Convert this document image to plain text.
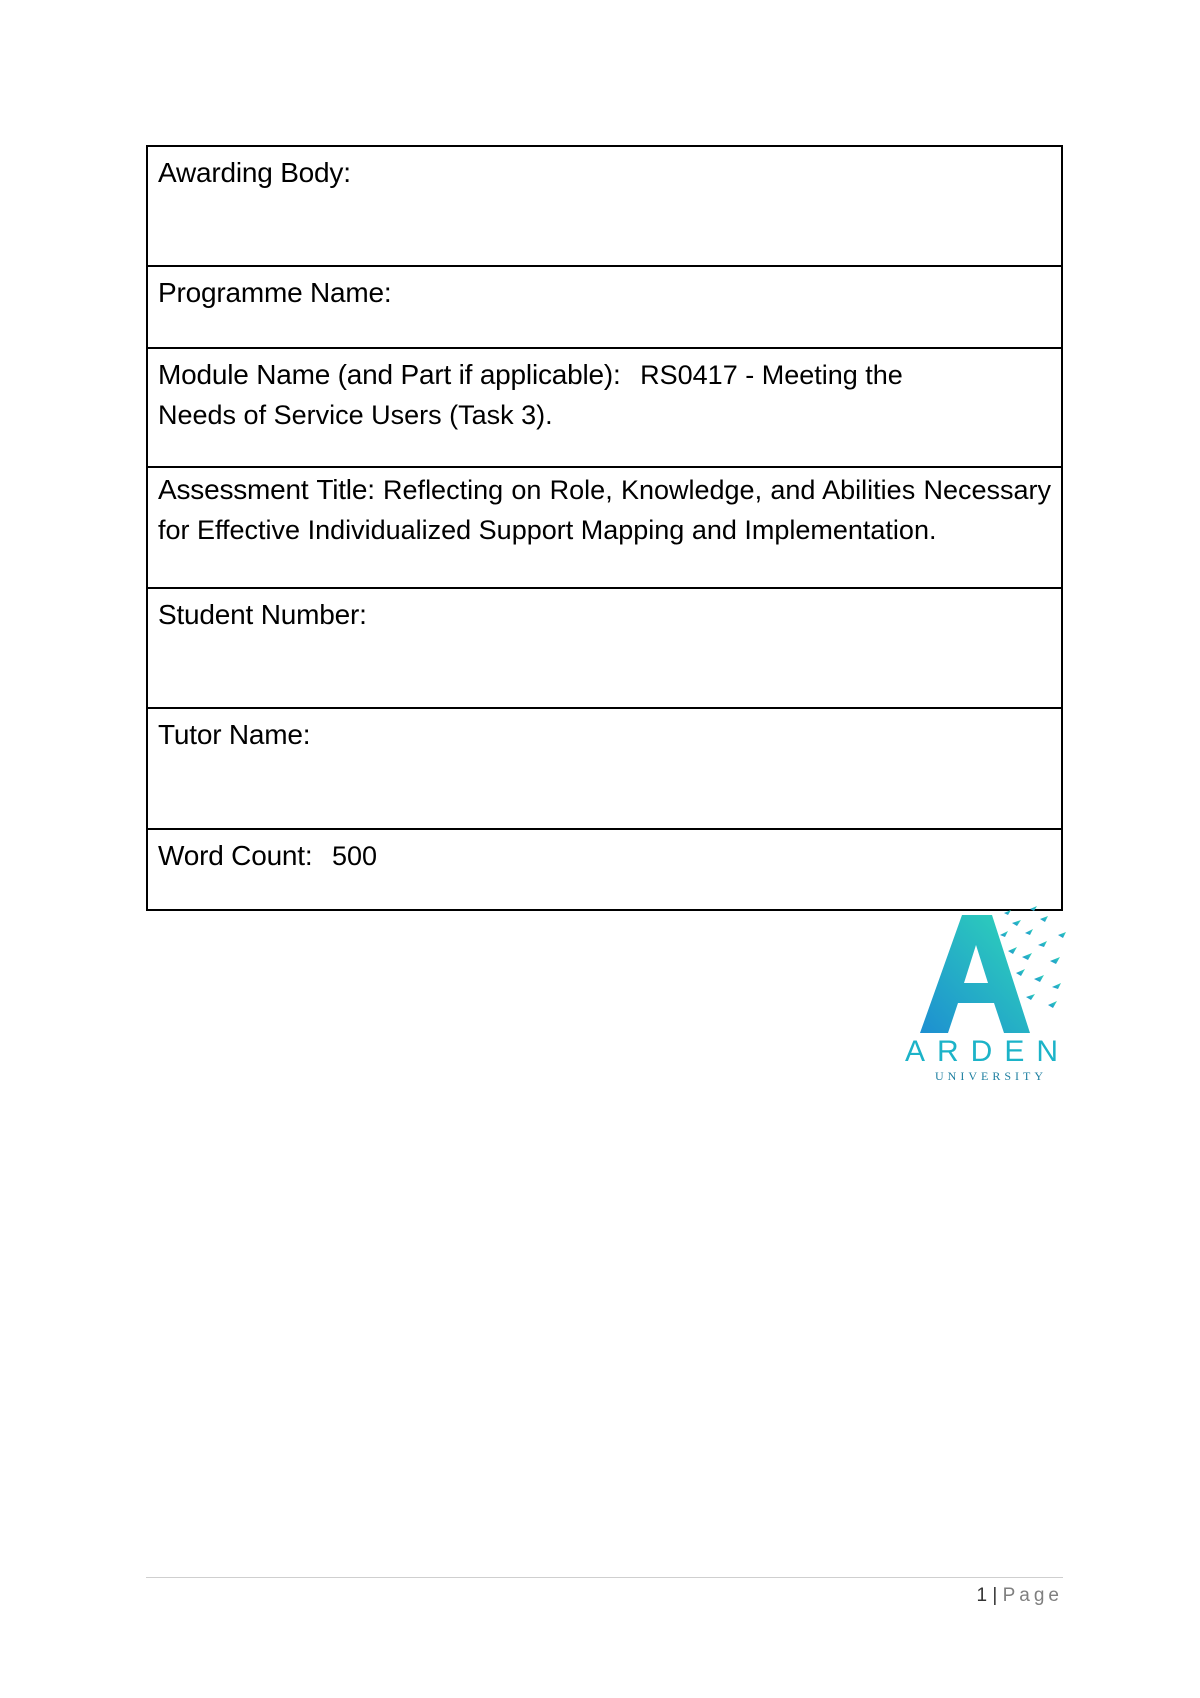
Awarding Body:
Programme Name:
Module Name (and Part if applicable): RS0417 - Meeting the
Needs of Service Users (Task 3).
Assessment Title: Reflecting on Role, Knowledge, and Abilities Necessary for Effective Individualized Support Mapping and Implementation.
Student Number:
Tutor Name:
Word Count: 500
ARDEN
UNIVERSITY
1 | Page
